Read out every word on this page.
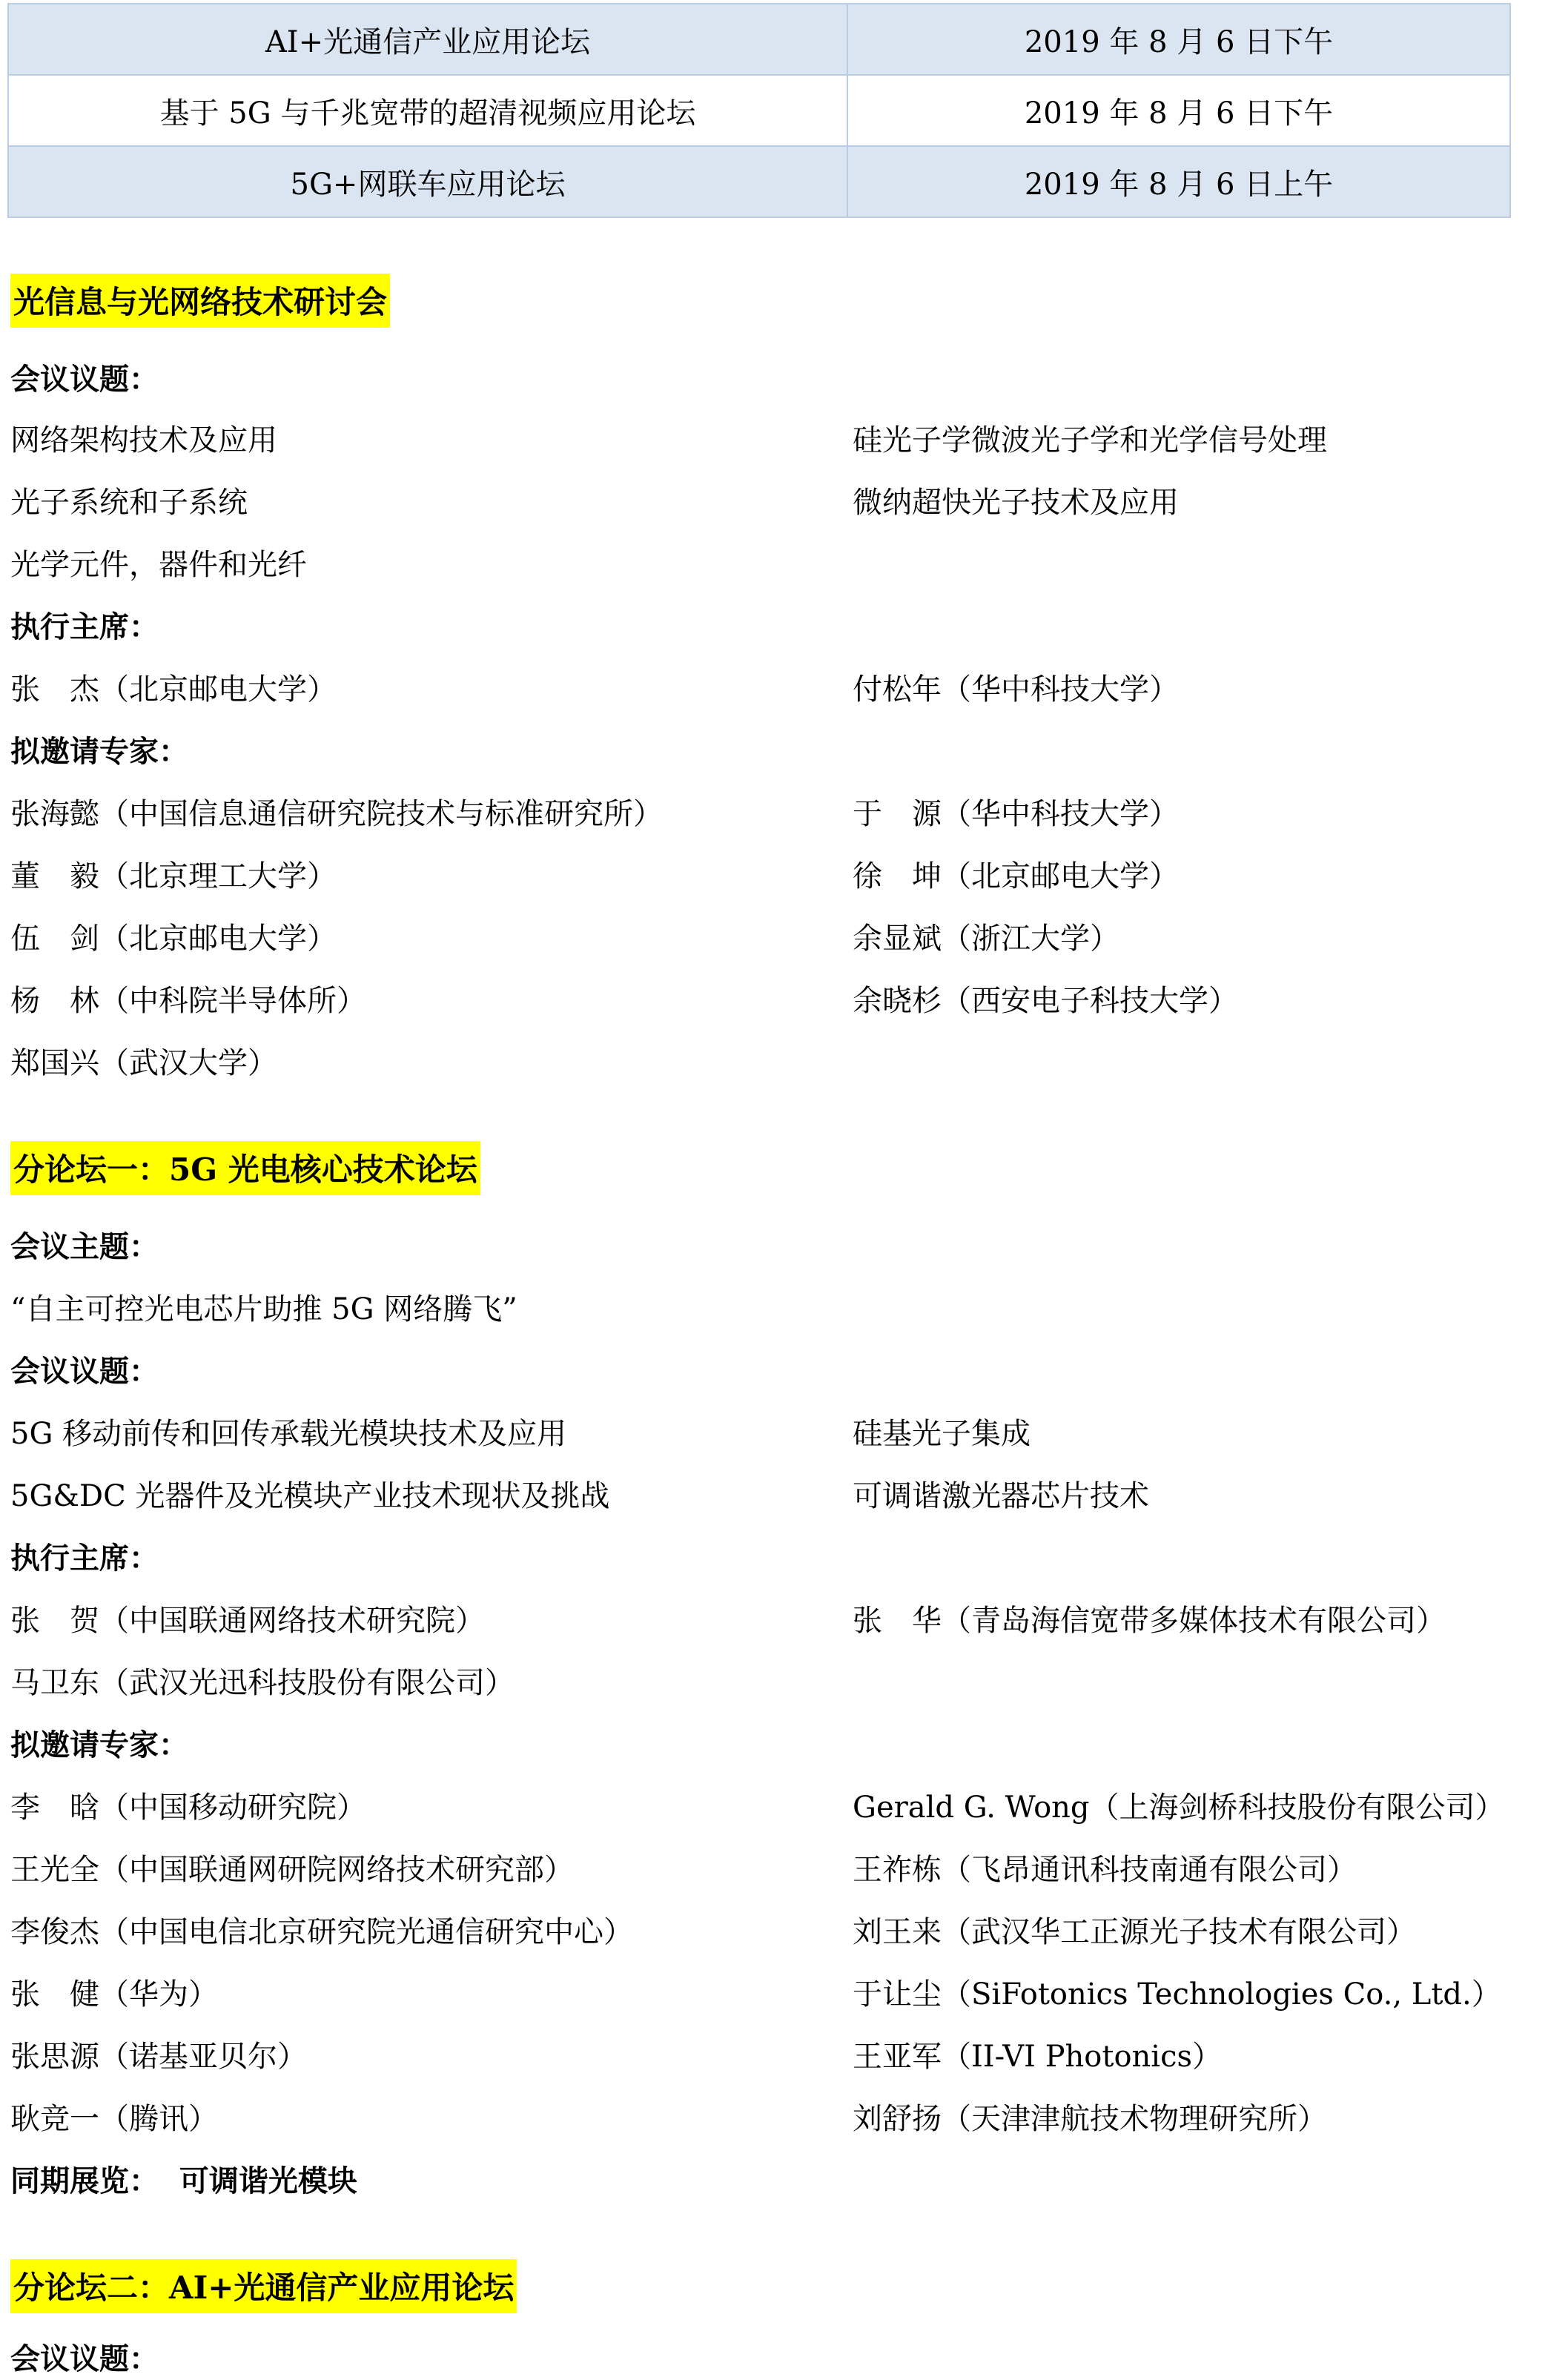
AI+光通信产业应用论坛	2019 年 8 月 6 日下午
基于 5G 与千兆宽带的超清视频应用论坛	2019 年 8 月 6 日下午
5G+网联车应用论坛	2019 年 8 月 6 日上午
光信息与光网络技术研讨会
会议议题：
网络架构技术及应用	硅光子学微波光子学和光学信号处理
光子系统和子系统	微纳超快光子技术及应用
光学元件，器件和光纤
执行主席：
张　杰（北京邮电大学）	付松年（华中科技大学）
拟邀请专家：
张海懿（中国信息通信研究院技术与标准研究所）	于　源（华中科技大学）
董　毅（北京理工大学）	徐　坤（北京邮电大学）
伍　剑（北京邮电大学）	余显斌（浙江大学）
杨　林（中科院半导体所）	余晓杉（西安电子科技大学）
郑国兴（武汉大学）
分论坛一：5G 光电核心技术论坛
会议主题：
“自主可控光电芯片助推 5G 网络腾飞”
会议议题：
5G 移动前传和回传承载光模块技术及应用	硅基光子集成
5G&DC 光器件及光模块产业技术现状及挑战	可调谐激光器芯片技术
执行主席：
张　贺（中国联通网络技术研究院）	张　华（青岛海信宽带多媒体技术有限公司）
马卫东（武汉光迅科技股份有限公司）
拟邀请专家：
李　晗（中国移动研究院）	Gerald G. Wong（上海剑桥科技股份有限公司）
王光全（中国联通网研院网络技术研究部）	王祚栋（飞昂通讯科技南通有限公司）
李俊杰（中国电信北京研究院光通信研究中心）	刘王来（武汉华工正源光子技术有限公司）
张　健（华为）	于让尘（SiFotonics Technologies Co., Ltd.）
张思源（诺基亚贝尔）	王亚军（II-VI Photonics）
耿竞一（腾讯）	刘舒扬（天津津航技术物理研究所）
同期展览： 可调谐光模块
分论坛二：AI+光通信产业应用论坛
会议议题：
